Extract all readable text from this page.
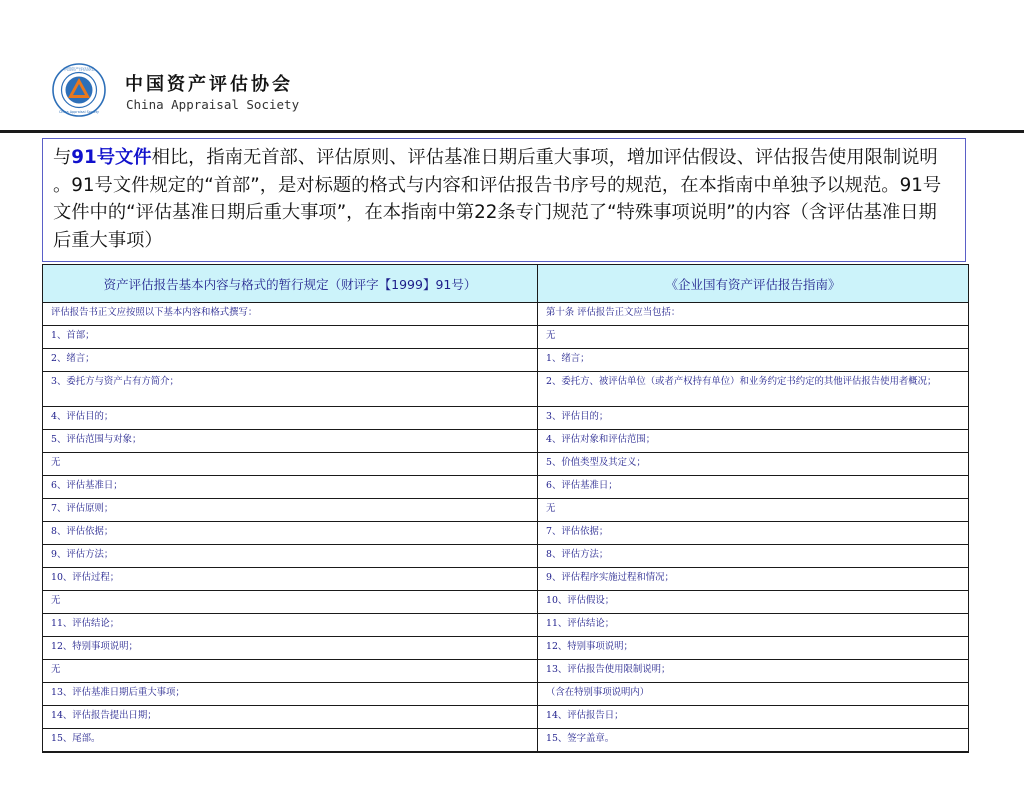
中国资产评估协会
China Appraisal Society
中国资产评估协会
China Appraisal Society
与91号文件相比，指南无首部、评估原则、评估基准日期后重大事项，增加评估假设、评估报告使用限制说明 。91号文件规定的“首部”，是对标题的格式与内容和评估报告书序号的规范，在本指南中单独予以规范。91号文件中的“评估基准日期后重大事项”，在本指南中第22条专门规范了“特殊事项说明”的内容（含评估基准日期后重大事项）
资产评估报告基本内容与格式的暂行规定（财评字【1999】91号）	《企业国有资产评估报告指南》
评估报告书正文应按照以下基本内容和格式撰写：	第十条 评估报告正文应当包括：
1、首部；	无
2、绪言；	1、绪言；
3、委托方与资产占有方简介；	2、委托方、被评估单位（或者产权持有单位）和业务约定书约定的其他评估报告使用者概况；
4、评估目的；	3、评估目的；
5、评估范围与对象；	4、评估对象和评估范围；
无	5、价值类型及其定义；
6、评估基准日；	6、评估基准日；
7、评估原则；	无
8、评估依据；	7、评估依据；
9、评估方法；	8、评估方法；
10、评估过程；	9、评估程序实施过程和情况；
无	10、评估假设；
11、评估结论；	11、评估结论；
12、特别事项说明；	12、特别事项说明；
无	13、评估报告使用限制说明；
13、评估基准日期后重大事项；	（含在特别事项说明内）
14、评估报告提出日期；	14、评估报告日；
15、尾部。	15、签字盖章。
